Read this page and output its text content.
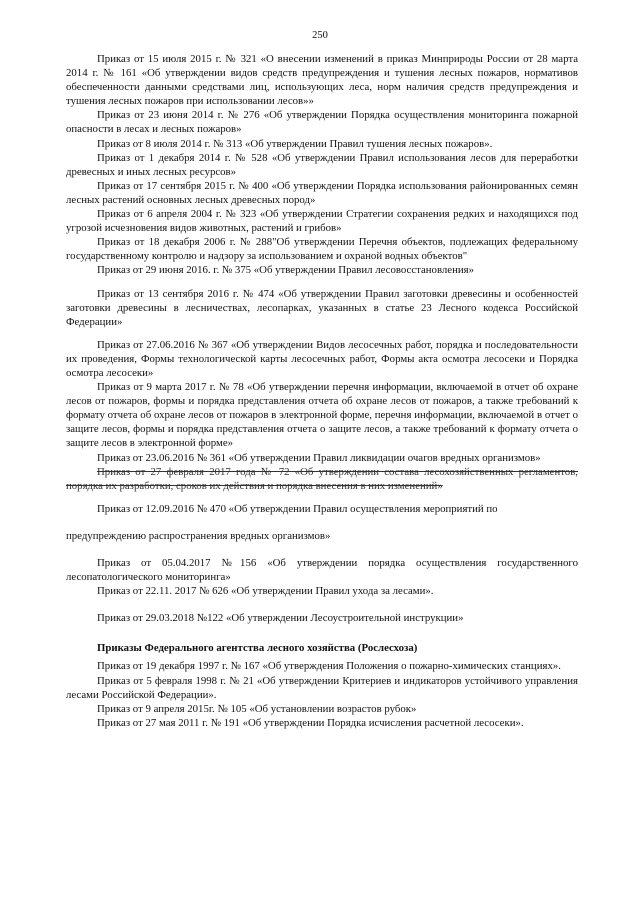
250

Приказ от 15 июля 2015 г. № 321 «О внесении изменений в приказ Минприроды России от 28 марта 2014 г. № 161 «Об утверждении видов средств предупреждения и тушения лесных пожаров, нормативов обеспеченности данными средствами лиц, использующих леса, норм наличия средств предупреждения и тушения лесных пожаров при использовании лесов»»

Приказ от 23 июня 2014 г. № 276 «Об утверждении Порядка осуществления мониторинга пожарной опасности в лесах и лесных пожаров»

Приказ от 8 июля 2014 г. № 313 «Об утверждении Правил тушения лесных пожаров».

Приказ от 1 декабря 2014 г. № 528 «Об утверждении Правил использования лесов для переработки древесных и иных лесных ресурсов»

Приказ от 17 сентября 2015 г. № 400 «Об утверждении Порядка использования районированных семян лесных растений основных лесных древесных пород»

Приказ от 6 апреля 2004 г. № 323 «Об утверждении Стратегии сохранения редких и находящихся под угрозой исчезновения видов животных, растений и грибов»

Приказ от 18 декабря 2006 г. № 288"Об утверждении Перечня объектов, подлежащих федеральному государственному контролю и надзору за использованием и охраной водных объектов"

Приказ от 29 июня 2016. г. № 375 «Об утверждении Правил лесовосстановления»

Приказ от 13 сентября 2016 г. № 474 «Об утверждении Правил заготовки древесины и особенностей заготовки древесины в лесничествах, лесопарках, указанных в статье 23 Лесного кодекса Российской Федерации»

Приказ от 27.06.2016 № 367 «Об утверждении Видов лесосечных работ, порядка и последовательности их проведения, Формы технологической карты лесосечных работ, Формы акта осмотра лесосеки и Порядка осмотра лесосеки»

Приказ от 9 марта 2017 г. № 78 «Об утверждении перечня информации, включаемой в отчет об охране лесов от пожаров, формы и порядка представления отчета об охране лесов от пожаров, а также требований к формату отчета об охране лесов от пожаров в электронной форме, перечня информации, включаемой в отчет о защите лесов, формы и порядка представления отчета о защите лесов, а также требований к формату отчета о защите лесов в электронной форме»

Приказ от 23.06.2016 № 361 «Об утверждении Правил ликвидации очагов вредных организмов»

Приказ от 27 февраля 2017 года № 72 «Об утверждении состава лесохозяйственных регламентов, порядка их разработки, сроков их действия и порядка внесения в них изменений»

Приказ от 12.09.2016 № 470 «Об утверждении Правил осуществления мероприятий по

предупреждению распространения вредных организмов»

Приказ от 05.04.2017 №156 «Об утверждении порядка осуществления государственного лесопатологического мониторинга»

Приказ от 22.11. 2017 № 626 «Об утверждении Правил ухода за лесами».

Приказ от 29.03.2018 №122 «Об утверждении Лесоустроительной инструкции»

Приказы Федерального агентства лесного хозяйства (Рослесхоза)

Приказ от 19 декабря 1997 г. № 167 «Об утверждения Положения о пожарно-химических станциях».

Приказ от 5 февраля 1998 г. № 21 «Об утверждении Критериев и индикаторов устойчивого управления лесами Российской Федерации».

Приказ от 9 апреля 2015г. № 105 «Об установлении возрастов рубок»

Приказ от 27 мая 2011 г. № 191 «Об утверждении Порядка исчисления расчетной лесосеки».
